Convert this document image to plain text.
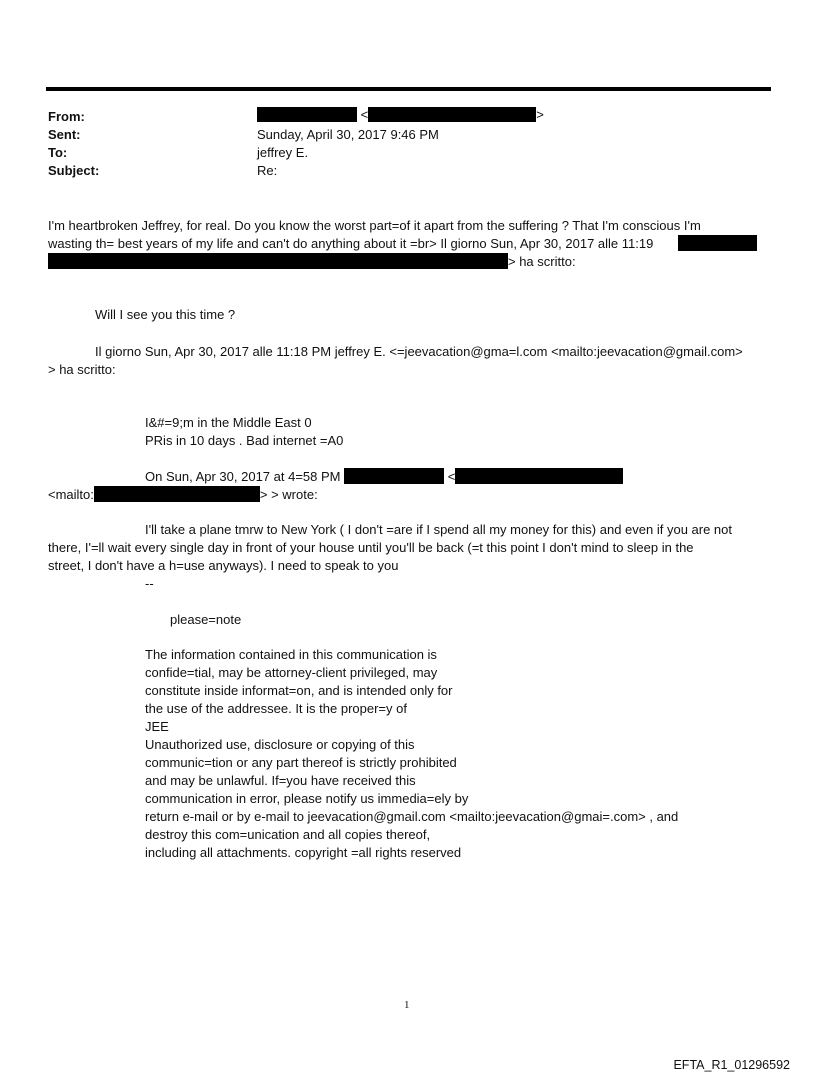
From:	<	>
Sent:	Sunday, April 30, 2017 9:46 PM
To:	jeffrey E.
Subject:	Re:
I'm heartbroken Jeffrey, for real. Do you know the worst part=of it apart from the suffering ? That I'm conscious I'm
wasting th= best years of my life and can't do anything about it =br> Il giorno Sun, Apr 30, 2017 alle 11:19
> ha scritto:
Will I see you this time ?
Il giorno Sun, Apr 30, 2017 alle 11:18 PM jeffrey E. <=jeevacation@gma=l.com <mailto:jeevacation@gmail.com>
> ha scritto:
I&#=9;m in the Middle East 0
PRis in 10 days . Bad internet =A0
On Sun, Apr 30, 2017 at 4=58 PM	<
<mailto:	> > wrote:
I'll take a plane tmrw to New York ( I don't =are if I spend all my money for this) and even if you are not
there, I'=ll wait every single day in front of your house until you'll be back (=t this point I don't mind to sleep in the
street, I don't have a h=use anyways). I need to speak to you
--
please=note
The information contained in this communication is
confide=tial, may be attorney-client privileged, may
constitute inside informat=on, and is intended only for
the use of the addressee. It is the proper=y of
JEE
Unauthorized use, disclosure or copying of this
communic=tion or any part thereof is strictly prohibited
and may be unlawful. If=you have received this
communication in error, please notify us immedia=ely by
return e-mail or by e-mail to jeevacation@gmail.com <mailto:jeevacation@gmai=.com> , and
destroy this com=unication and all copies thereof,
including all attachments. copyright =all rights reserved
1
EFTA_R1_01296592
